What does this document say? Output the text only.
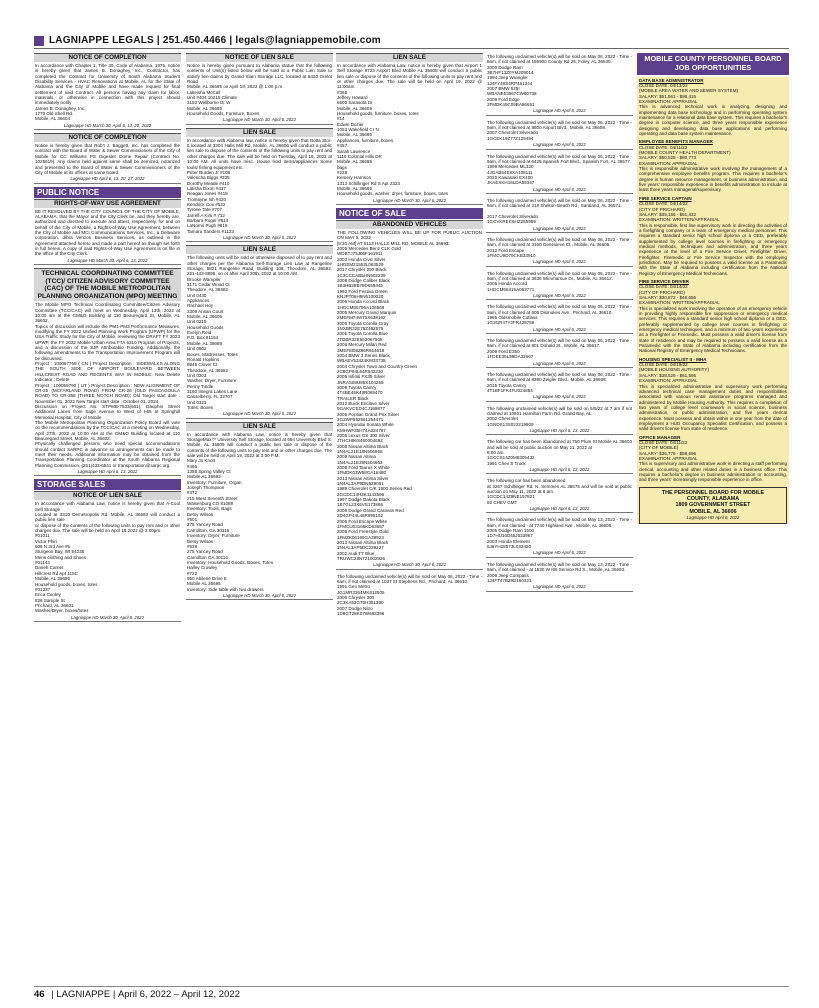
LAGNIAPPE LEGALS | 251.450.4466 | legals@lagniappemobile.com
NOTICE OF COMPLETION
In accordance with Chapter 1, Title 39, Code of Alabama, 1975, notice is hereby given that James B. Donaghey, Inc., Contractor, has completed the Contract for University of South Alabama Student Disability Services - HVAC Renovations at Mobile, AL for the State of Alabama and the City of Mobile and have made request for final settlement of said Contract. All persons having any claim for labor, materials, or otherwise in connection with this project should immediately notify
James B. Donaghey, Inc.
1770 Old Shell Rd.
Mobile, AL 36604
Lagniappe HD March 30, April 6, 13, 20, 2022
NOTICE OF COMPLETION
Notice is hereby given that Rob't J. Baggett, Inc. has completed the contract with the Board of Water & Sewer Commissioners of the City of Mobile for CC Williams PS Digester Dome Repair (Contract No. 1025619). Any claims held against same shall be itemized, notarized and presented to the Board of Water & Sewer Commissioners of the City of Mobile at its offices at same board.
Lagniappe HD April 6, 13, 20, 27, 2022
PUBLIC NOTICE
RIGHTS-OF-WAY USE AGREEMENT
BE IT RESOLVED BY THE CITY COUNCIL OF THE CITY OF MOBILE, ALABAMA, that the Mayor and the City Clerk be, and they hereby are, authorized and directed to execute and attest, respectively, for and on behalf of the City of Mobile, a Rights-of-Way Use Agreement, between the City of Mobile and MCI Communications Services, Inc., a Delaware corporation, d/b/a Verizon Business Services, as outlined in the Agreement attached hereto and made a part hereof as though set forth in full herein. A copy of said Rights-of-Way Use Agreement is on file in the office of the City Clerk.
Lagniappe HD March 30, April 6, 13, 2022
TECHNICAL COORDINATING COMMITTEE (TCC)/ CITIZEN ADVISORY COMMITTEE (CAC) OF THE MOBILE METROPOLITAN PLANNING ORGANIZATION (MPO) MEETING
The Mobile MPO Technical Coordinating Committee/Citizen Advisory Committee (TCC/CAC) will meet on Wednesday, April 13th, 2022 at 10:00 am at the GM&O Building at 110 Beauregard St, Mobile, AL 36602.
Topics of discussion will include the PM1-PM3 Performance Measures, modifying the FY 2022 Unified Planning Work Program (UPWP) for the USA Traffic Study for the City of Mobile, reviewing the DRAFT FY 2023 UPWP, the FY 2022 Mobile Urban Area FTA 5310 Program of Projects, and a discussion of the SJP Attributable Funding. Additionally, the following amendments to the Transportation Improvement Program will be discussed:
Project : 100067769 ( CN ) Project Description : SIDEWALKS ALONG THE SOUTH SIDE OF AIRPORT BOULEVARD BETWEEN HILLCREST ROAD AND REGENTS WAY IN MOBILE; New Delete Indicator : Delete
Project : 100059790 ( UT ) Project Description : NEW ALIGNMENT OF CR-25 (MCFARLAND ROAD) FROM CR-28 (OLD PASCAGOULA ROAD) TO CR-358 (THREE NOTCH ROAD); Old Target start date : November 01, 2022 New Target start date : October 01, 2024
Discussion on Project No. STPMB-7533(601), Dauphin Street Additional Lanes from Sage Avenue to West of I-65 at Springhill Memorial Hospital, City of Mobile
The Mobile Metropolitan Planning Organization Policy Board will vote on the recommendations by the TCC/CAC at a meeting on Wednesday, April 27th, 2022 at 10:00 AM at the GM&O Building located at 110 Beauregard Street, Mobile, AL 36602.
Physically challenged persons who need special accommodations should contact SARPC in advance so arrangements can be made to meet their needs. Additional information may be obtained from the Transportation Planning Coordinator at the South Alabama Regional Planning Commission, (251)433-6541 or transportation@sarpc.org.
Lagniappe HD April 6, 13, 2022
STORAGE SALES
NOTICE OF LIEN SALE
In accordance with Alabama Law, notice is hereby given that A-Cool Self Storage
Located at 3310 Demetropolis Rd. Mobile, AL 36693 will conduct a public lien sale
or dispose of the contents of the following units to pay rent and or other charges due. The sale will be held on April 18,2022 @ 2:00pm.
#01011
Victor Phiri
608 N 3rd Ave #5
Sturgeon Bay, WI 54235
Mens clothing and Shoes
#01143
Daneh Carrier
Hillcrest Rd Apt 115C
Mobile, AL 36695
Household goods, boxes, totes
#01337
Erica Cooley
836 Sample St
Prichard, AL 36601
Washer/Dryer, boxes/totes
Lagniappe HD March 30, April 6, 2022
NOTICE OF LIEN SALE
Notice is hereby given pursuant to Alabama statue that the following contents of Unit(s) listed below will be sold at a Public Lien Sale to satisfy lien claims by Grand Slam Storage LLC, located at 6420 Grelot Road
Mobile, AL 36695 on April 19, 2022 @ 1:00 p.m.
Lakeisha McCall
Unit #404 10215 Climate
3152 Wellborne Dr W
Mobile, AL 36695
Household Goods, Furniture, Boxes
Lagniappe HD March 30, April 6, 2022
LIEN SALE
In accordance with Alabama law, notice is hereby given that Botta Stor-It located at 3304 Halls Mill Rd, Mobile, AL 36606 will conduct a public lien sale to dispose of the contents of the following units to pay rent and other charges due. The sale will be held on Tuesday, April 19, 2022 at 10:00 AM. All units have misc. House hold items/appliances Some tools/ fishing equipment etc.
Peter Burden Jr #105
Valencha Biggs #335
Dorothy Meade #410
Latisha Dixon #417
Reagan Jones #419
Tromayne Ish #420
Kendrick Cox #522
Tyrone Tate #707
Jarrell A Kirk # 712
Barbara Roger #814
LaNorris Pugh #819
Tamara Sanders #1123
Lagniappe HD March 30, April 6, 2022
LIEN SALE
The following units will be sold or otherwise disposed of to pay rent and other charges per the Alabama Self-Storage Lien Law at Rangeline Storage, 5821 Rangeline Road, Building 108, Theodore, AL 36582, 251-443-8995, on or after April 20th, 2022 at 10:00 AM.
Brooke Wampler
3171 Cedar Wood Ct
Theodore, AL 36582
Unit 0430
Appliances
Rachael Hoy
3309 Ansan Court
Mobile, AL 36605
Unit 0215
Household Goods
Evelyn Reid
P.O. Box 81164
Mobile, AL 36689
Unit 0502
Boxes, Mattresses, Totes
Ronald Hopkins
8945 Clover Ct
Theodore, AL 36582
Unit 0203
Washer, Dryer, Furniture
Penny Tindle
3160 Integra Lakes Lane
Casselberry, FL 32707
Unit 0321
Totes, Boxes
Lagniappe HD March 30, April 6, 2022
LIEN SALE
In accordance with Alabama Law, notice is hereby given that StorageMax™ University Self Storage, located at 684 University Blvd S. Mobile, AL 36609 will conduct a public lien sale or dispose of the contents of the following units to pay rent and or other charges due. The sale will be held on April 19, 2022 at 3:00 P.M.
Mary Jo Knott
#466
1358 Spring Valley Ct
Mobile AL 36693
Inventory: Furniture, Organ
Joseph Thompson
#472
215 West Seventh Street
Walsenburg CO 81089
Inventory: Tools, Bags
Betsy Wilson
#501
275 Yancey Road
Carrollton, GA 30116
Inventory: Dryer, Furniture
Betsy Wilson
#628
275 Yancey Road
Carrollton GA 30116
Inventory: Household Goods, Boxes, Totes
Hailey Crowley
#722
950 Abilene Drive E
Mobile AL 36695
Inventory: Side table with two drawers
Lagniappe HD March 30, April 6, 2022
LIEN SALE
In accordance with Alabama Law, notice is hereby given that Airport 1 Self Storage 9723 Airport Blvd Mobile AL 36608 will conduct a public lien sale or dispose of the contents of the following units to pay rent and or other charges due. The sale will be held on April 19, 2022 @ 11:00am
#365
Jeffery Howard
6505 Sarasota Dr
Mobile, AL 36609
Household goods, furniture, boxes, totes
#14
Edwin Dozier
1053 Wakefield Cr N
Mobile, AL 36695
Appliances, furniture, boxes
#457
Sarah Lawrence
1110 Colonial Hills DR
Mobile, AL 36695
bags
#229
Kemery Harrison
1313 Schillinger Rd S Apt 2323
Mobile, AL 36695
Household goods, washer, dryer, furniture, boxes, totes
Lagniappe HD March 30, April 6, 2022
NOTICE OF SALE
ABANDONED VEHICLES
THE FOLLOWING VEHICLES WILL BE UP FOR PUBLIC AUCTION ON MAY 5, 2022
[9:30 AM] AT 5113 HALLS MILL RD, MOBILE AL 36693:
2005 Mercedes Benz CLK Gold
WDBTJ75J05F161911
2003 Honda Civic Silver
1HGEM21553L063529
2017 Chrysler 200 Black
1C3CCCAB5HN502239
2008 Dodge Caliber Black
1B3HB28B78D659445
1992 Ford Festiva Green
KNJPT06H5N6100020
2006 Honda Accord Black
1HGCM56796A106969
2005 Mercury Grand Marquis
2MEFM74W75X638162
2005 Toyota Corolla Gray
1NXBR32E75Z462575
2005 Toyota Corolla Blue
JTDBR32E552067508
2006 Mercury Milan Red
3MEFM08Z96R614618
2004 BMW 3 Series Black
WBAEV53424KM33738
2004 Chrysler Town and Country Green
2C8GP64L64R542230
2005 Infiniti FX35 Silver
JNRAS08U85X104255
2009 Toyota Camry
4T4BE46K49R069470
TRAILER Black
2012 Buick Enclave Silver
5GAKVCED4CJ169877
2006 Pontiac Grand Prix Silver
2G2WP552561264471
2004 Hyundai Sonata White
KMHWF35H74A024767
2006 Lexus GS 300 Silver
JTHCH96S460004692
2008 Nissan Altima Black
1N4AL21E18N506958
2009 Nissan Altima
1N4AL21E39N504663
2008 Ford Taurus X White
1FMDK03W58GA16480
2013 Nissan Altima Silver
1N4AL3AP9DN529051
1989 Chevrolet C/K 1500 Series Red
2GCDC14H3K1142596
1997 Dodge Dakota Black
1B7GL23X6VS173866
2006 Dodge Grand Caravan Red
2D4GP44L46R895162
2005 Ford Escape White
1FMCU03165KD63657
2005 Ford Freestyle Gold
1FMZK06165GA39923
2013 Nissan Altima Black
1N4AL3AP5DC229227
2002 Audi TT Blue
TRUWC28N721002926
Lagniappe HD March 30, April 6, 2022
The following unclaimed vehicle(s) will be sold on May 06, 2022 - Time - 9am, if not claimed at 1037 St Stephens Rd., Prichard, AL 36610.
1991 Geo Metro
JG1MR3364MK612505
2006 Chrysler 300
2C3KA53G76H351380
2007 Dodge Nitro
1D8GT28K07W683396
The following unclaimed vehicle(s) will be sold on May 06, 2022 - Time - 9am, if not claimed at 186900 County Rd 26, Foley, AL 36535.
2000 Dodge Ram
3B7HF13Z0YM209014
1994 Jeep Wrangler
1J4FY49S4RP461344
2007 BMW 525I
WBANE53567CW60738
2009 Ford Edge
2FMDK49C09BA86651
Lagniappe HD April 6, 2022
The following unclaimed vehicle(s) will be sold on May 06, 2022 - Time - 9am, if not claimed at 8800 Airport Blvd., Mobile, AL 36608.
2007 Chevrolet Silverado
1GCEK19Z77Z129494
Lagniappe HD April 6, 2022
The following unclaimed vehicle(s) will be sold on May 06, 2022 - Time - 9am, if not claimed at 6425 Spanish Fort Blvd., Spanish Fort, AL 36577.
1999 Mercedes ML320
4JGAB54E8XA108111
2020 Kawasaki EX400
JKAEXKH16LDA59347
Lagniappe HD April 6, 2022
The following unclaimed vehicle(s) will be sold on May 06, 2022 - Time - 9am, if not claimed at 218 Shelton Beach Rd., Saraland, AL 36571.

2017 Chevrolet Silverado
1GCVKREC6HZ255959
Lagniappe HD April 6, 2022
The following unclaimed vehicle(s) will be sold on May 06, 2022 - Time - 9am, if not claimed at 3160 Genevieve Ct., Mobile, AL 36606.
2012 Ford Escape
1FMCU9D79CKB33910
Lagniappe HD April 6, 2022
The following unclaimed vehicle(s) will be sold on May 06, 2022 - Time - 9am, if not claimed at 3636 Wimmarsue Dr., Mobile, AL 36612.
2005 Honda Accord
1HGCM56415A063771
Lagniappe HD April 6, 2022
The following unclaimed vehicle(s) will be sold on May 06, 2022 - Time - 9am, if not claimed at 509 Dismukes Ave., Prichard, AL 36610.
1985 Oldsmobile Cutlass
1G3GR47Y2FR428759
Lagniappe HD April 6, 2022
The following unclaimed vehicle(s) will be sold on May 06, 2022 - Time - 9am, if not claimed at 801 Donald St., Mobile, AL 36617.
2009 Ford E350
1FDEE35L99DA32667
Lagniappe HD April 6, 2022
The following unclaimed vehicle(s) will be sold on May 06, 2022 - Time - 9am, if not claimed at 8390 Zeigler Blvd., Mobile, AL 36608.
2015 Toyota Camry
4T1BF1FK4FU024854
Lagniappe HD April 6, 2022
The following unclaimed vehicle(s) will be sold on 5/5/22 at 7 am if not claimed at 10801 Hamilton Farm Rd. Grand Bay, AL.
2002 Chevrolet
1GNDS13S022219909
Lagniappe HD April 6, 13, 2022
The following car has been abandoned at 750 Plum St Mobile AL 36603 and will be sold at public auction on May 11, 2022 at
8:00 am.
1GCCS14Z0M8305432
1991 Chev S Truck
Lagniappe HD April 6, 13, 2022
The following car has been abandoned
at 3267 Schillinger Rd. N. Semmes AL 36575 and will be sold at public auction on May 11, 2022 at 8 am.
1GCDC14Z9NE157821
92 CHEV GMT
Lagniappe HD April 6, 13, 2022
The following unclaimed vehicle(s) will be sold on May 13, 2022 - Time - 9am, if not claimed - at 7740 Highland Ave., Mobile, AL 36608.
2005 Dodge Ram 1500
1D7HU16D45J533967
2003 Honda Element
5J6YH28573L032450
Lagniappe HD April 6, 2022
The following unclaimed vehicle(s) will be sold on May 13, 2022 - Time - 9am, if not claimed - at 1530 W I65 Service Rd S., Mobile, AL 36693.
2009 Jeep Compass
1J4FT47B29D160221
Lagniappe HD April 6, 2022
MOBILE COUNTY PERSONNEL BOARD JOB OPPORTUNITIES
DATA BASE ADMINISTRATOR
CLOSE DATE: 04/13/22
(MOBILE AREA WATER AND SEWER SYSTEM)
SALARY: $61,561 - $98,415
EXAMINATION: APPRAISAL
This is advanced technical work in analyzing, designing and implementing data base technology and in performing operating system maintenance for a relational data base system. This requires a bachelor's degree in computer science, and three years responsible experience designing and developing data base applications and performing operating and data base system maintenance.
EMPLOYEE BENEFITS MANAGER
CLOSE DATE: 04/11/22
(MOBILE COUNTY HEALTH DEPARTMENT)
SALARY: $50,525 - $80,773
EXAMINATION: APPRAISAL
This is responsible administrative work involving the management of a comprehensive employee benefits program. This requires a bachelor's degree in human resource management, or business administration, and five years' responsible experience in benefits administration to include at least three years managerial/supervisory.
FIRE SERVICE CAPTAIN
CLOSE DATE: 04/14/22
(CITY OF PRICHARD)
SALARY: $35,156 - $51,432
EXAMINATION: WRITTEN/APPRAISAL
This is responsible, first line supervisory work in directing the activities of a firefighting company or a team of emergency medical personnel. This requires a standard senior high school diploma or a GED, preferably supplemented by college level courses in firefighting or emergency medical methods, techniques and administration, and three years experience at the level of a Fire Service Driver, Firefighter Driver, Firefighter, Firemedic or Fire Service Inspector with the employing jurisdiction. May be required to possess a valid license as a Paramedic with the State of Alabama including certification from the National Registry of Emergency Medical Technicians.
FIRE SERVICE DRIVER
CLOSE DATE: 04/14/22
(CITY OF PRICHARD)
SALARY: $30,872 - $46,656
EXAMINATION: WRITTEN/APPRAISAL
This is specialized work involving the operation of an emergency vehicle in providing highly responsible fire suppression or emergency medical services. This requires a standard senior high school diploma or a GED, preferably supplemented by college level courses in firefighting or emergency medical techniques, and a minimum of two years experience as a Firefighter or Firemedic. Must possess a valid driver's license from state of residence and may be required to possess a valid license as a Paramedic with the State of Alabama including certification from the National Registry of Emergency Medical Technicians.
HOUSING SPECIALIST II - MHA
CLOSE DATE: 04/19/22
(MOBILE HOUSING AUTHORITY)
SALARY: $38,529 - $61,595
EXAMINATION: APPRAISAL
This is specialized administrative and supervisory work performing advanced technical case management duties and responsibilities associated with various rental assistance programs managed and administered by Mobile Housing Authority. This requires a completion of two years of college level coursework in social science, business administration, or public administration, and five years clerical experience. Must possess and obtain within in one year from the date of employment a HUD Occupancy Specialist Certification, and possess a valid driver's license from state of residence.
OFFICE MANAGER
CLOSE DATE: 04/11/22
(CITY OF MOBILE)
SALARY: $36,776 - $58,696
EXAMINATION: APPRAISAL
This is supervisory and administrative work in directing a staff performing clerical, accounting and other related duties in a business office. This requires a bachelor's degree in business administration or accounting, and three years' increasingly responsible experience in office.
THE PERSONNEL BOARD FOR MOBILE
COUNTY, ALABAMA
1809 GOVERNMENT STREET
MOBILE, AL 36606
Lagniappe HD April 6, 2022
46 | LAGNIAPPE | April 6, 2022 – April 12, 2022
